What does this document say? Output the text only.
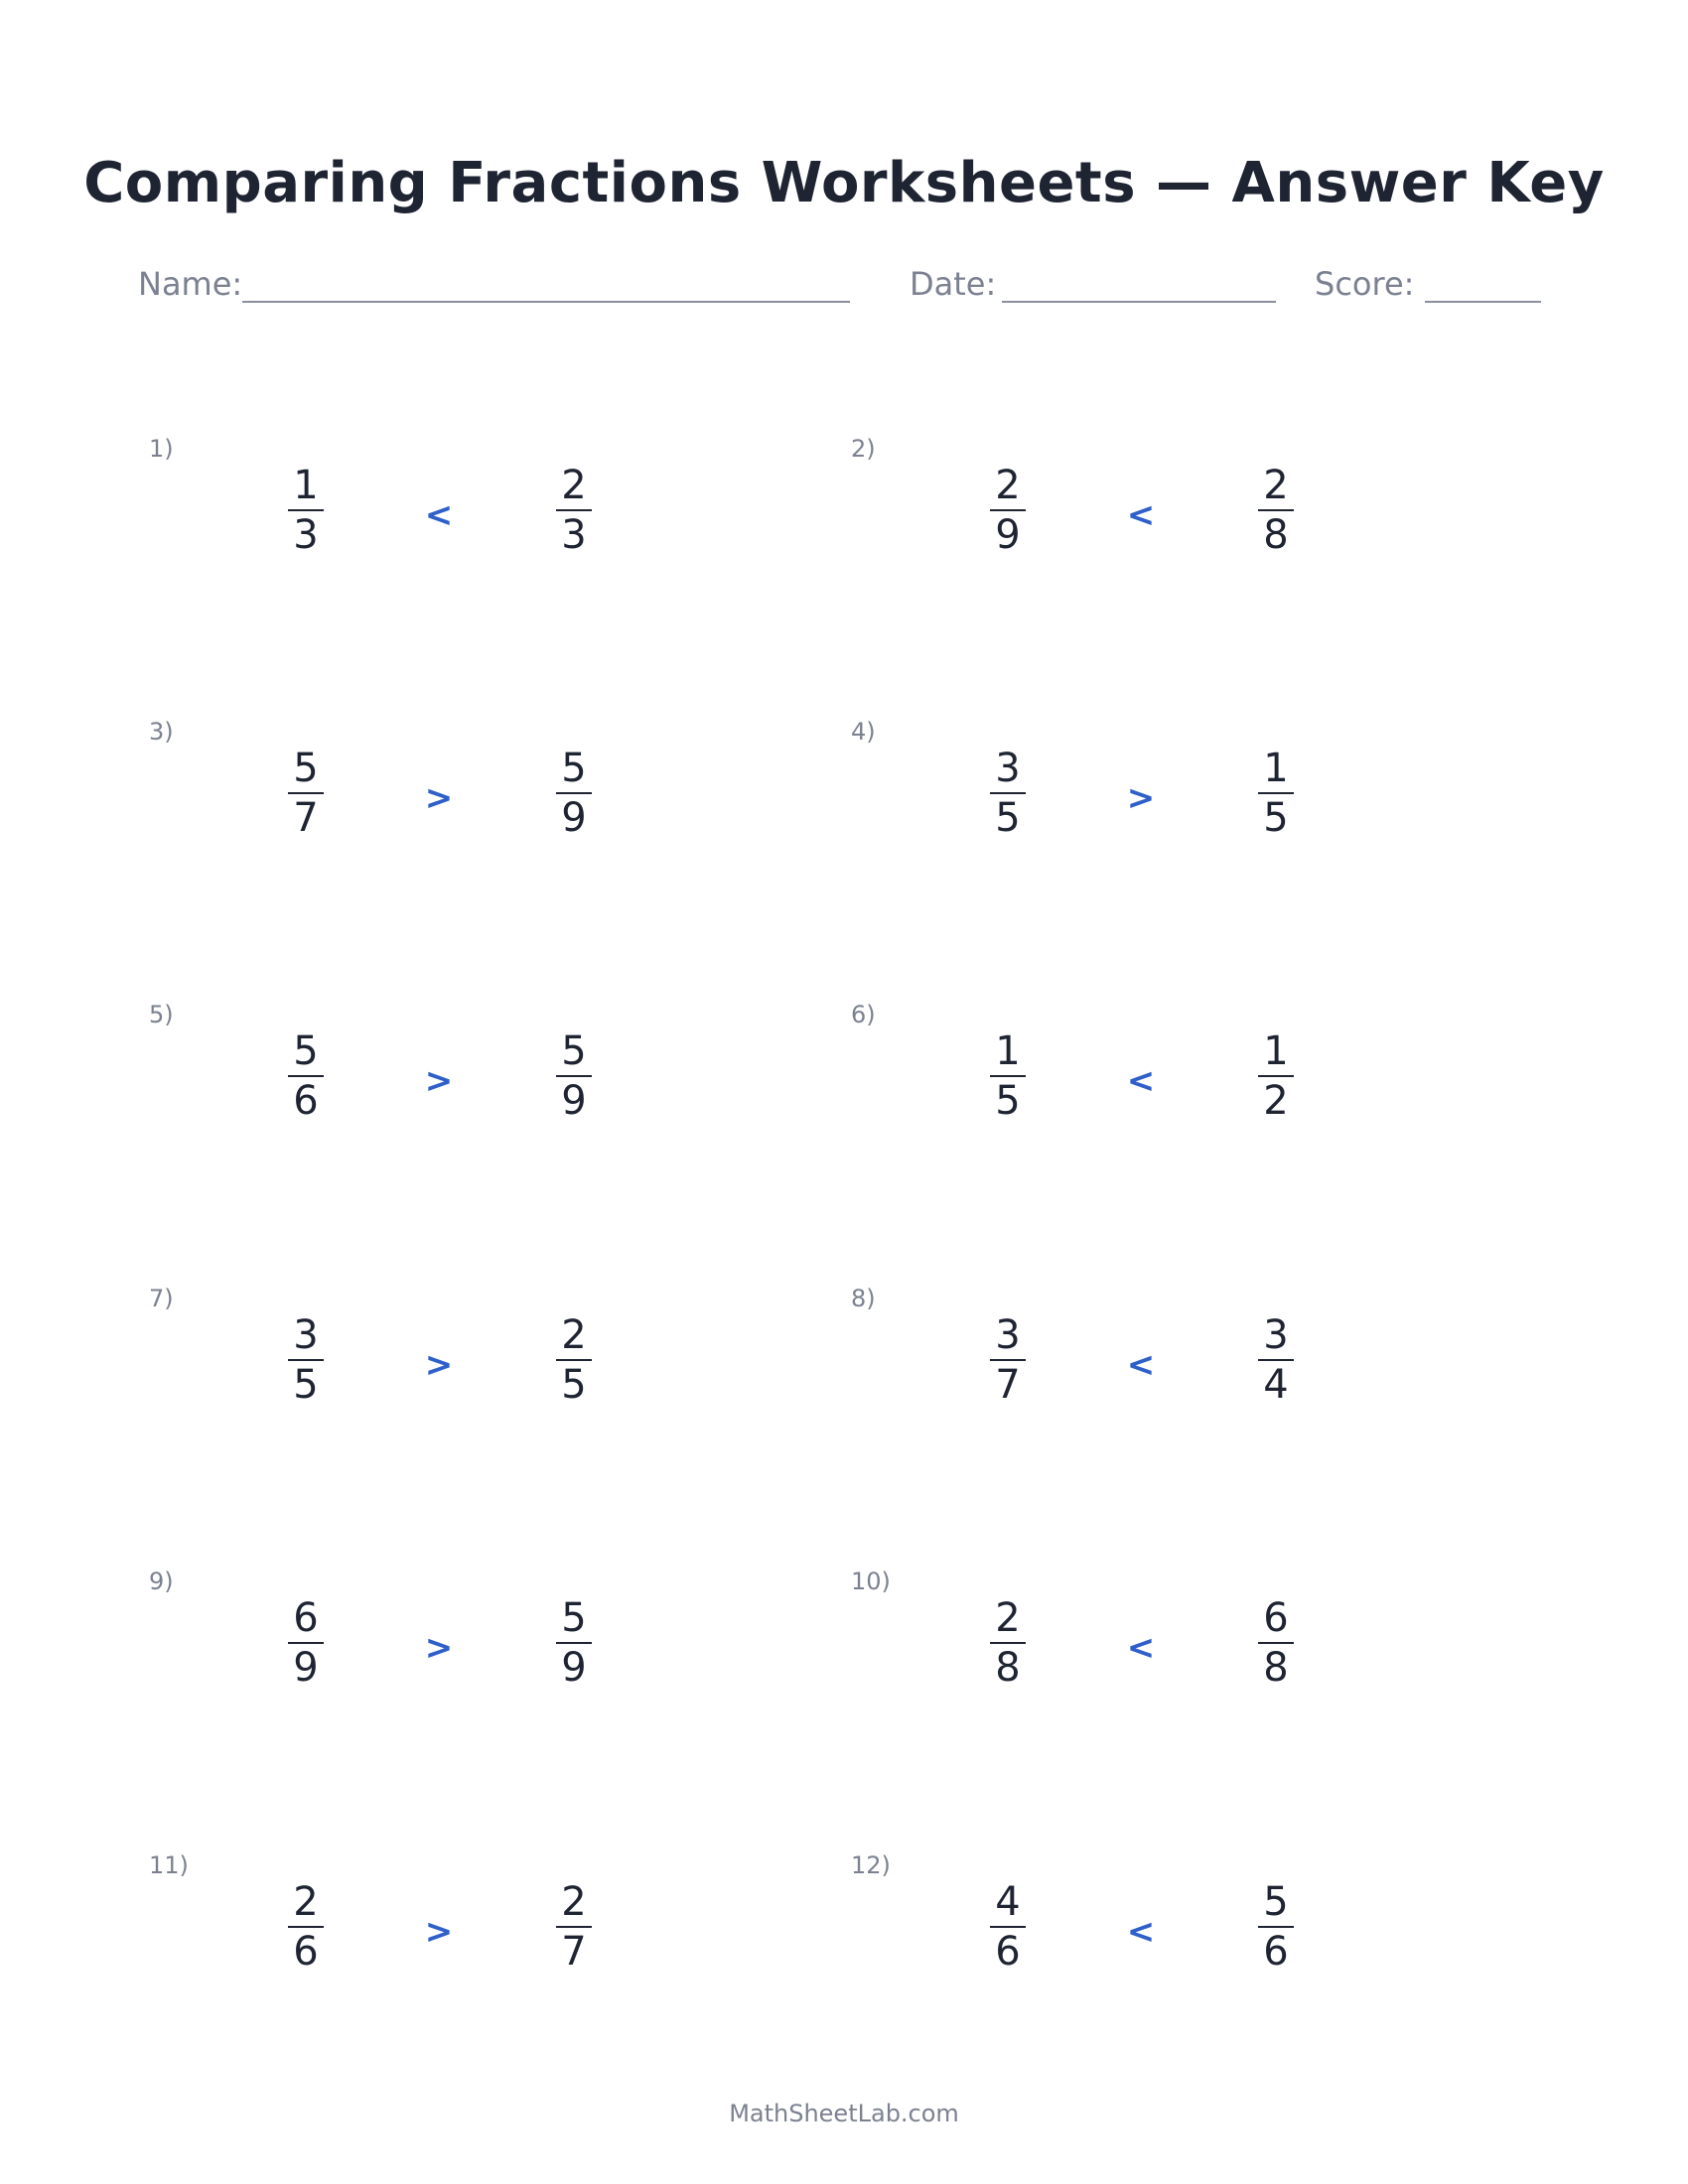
Comparing Fractions Worksheets — Answer Key
Name:	Date:	Score:
1)
1
3	<
2
3
2)
2
9	<
2
8
3)
5
7	>
5
9
4)
3
5	>
1
5
5)
5
6	>
5
9
6)
1
5	<
1
2
7)
3
5	>
2
5
8)
3
7	<
3
4
9)
6
9	>
5
9
10)
2
8	<
6
8
11)
2
6	>
2
7
12)
4
6	<
5
6
MathSheetLab.com
